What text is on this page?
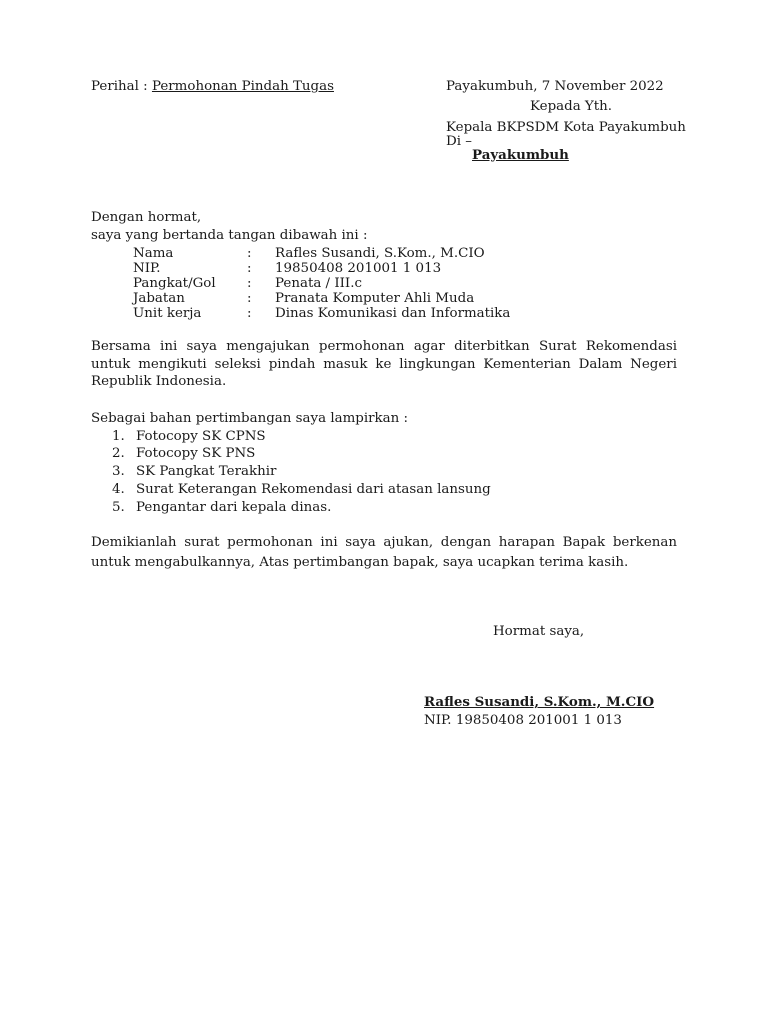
Perihal : Permohonan Pindah Tugas	Payakumbuh, 7 November 2022
Kepada Yth.
Kepala BKPSDM Kota Payakumbuh
Di –
Payakumbuh
Dengan hormat,
saya yang bertanda tangan dibawah ini :
Nama	: Rafles Susandi, S.Kom., M.CIO
NIP.	: 19850408 201001 1 013
Pangkat/Gol : Penata / III.c
Jabatan	: Pranata Komputer Ahli Muda
Unit kerja	: Dinas Komunikasi dan Informatika
Bersama ini saya mengajukan permohonan agar diterbitkan Surat Rekomendasi untuk mengikuti seleksi pindah masuk ke lingkungan Kementerian Dalam Negeri Republik Indonesia.
Sebagai bahan pertimbangan saya lampirkan :
1. Fotocopy SK CPNS
2. Fotocopy SK PNS
3. SK Pangkat Terakhir
4. Surat Keterangan Rekomendasi dari atasan lansung
5. Pengantar dari kepala dinas.
Demikianlah surat permohonan ini saya ajukan, dengan harapan Bapak berkenan untuk mengabulkannya, Atas pertimbangan bapak, saya ucapkan terima kasih.
Hormat saya,
Rafles Susandi, S.Kom., M.CIO
NIP. 19850408 201001 1 013
